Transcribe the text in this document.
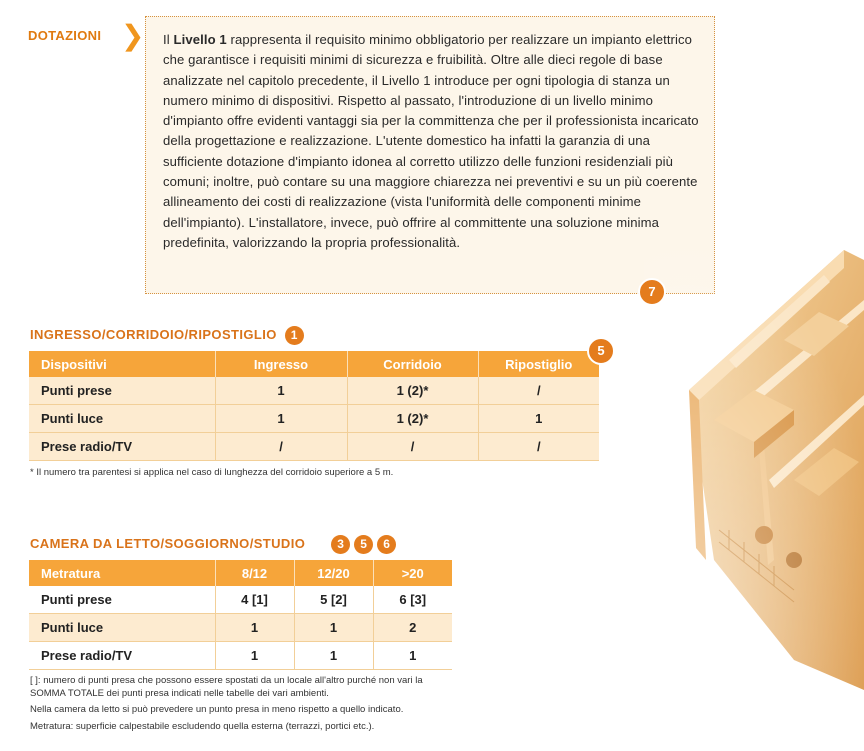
DOTAZIONI ❯ Il Livello 1 rappresenta il requisito minimo obbligatorio per realizzare un impianto elettrico che garantisce i requisiti minimi di sicurezza e fruibilità. Oltre alle dieci regole di base analizzate nel capitolo precedente, il Livello 1 introduce per ogni tipologia di stanza un numero minimo di dispositivi. Rispetto al passato, l'introduzione di un livello minimo d'impianto offre evidenti vantaggi sia per la committenza che per il professionista incaricato della progettazione e realizzazione. L'utente domestico ha infatti la garanzia di una sufficiente dotazione d'impianto idonea al corretto utilizzo delle funzioni residenziali più comuni; inoltre, può contare su una maggiore chiarezza nei preventivi e su un più coerente allineamento dei costi di realizzazione (vista l'uniformità delle componenti minime dell'impianto). L'installatore, invece, può offrire al committente una soluzione minima predefinita, valorizzando la propria professionalità.

INGRESSO/CORRIDOIO/RIPOSTIGLIO 1
Dispositivi	Ingresso	Corridoio	Ripostiglio
Punti prese	1	1 (2)*	/
Punti luce	1	1 (2)*	1
Prese radio/TV	/	/	/

* Il numero tra parentesi si applica nel caso di lunghezza del corridoio superiore a 5 m.

CAMERA DA LETTO/SOGGIORNO/STUDIO	3 5 6
Metratura	8/12	12/20	>20
Punti prese	4 [1]	5 [2]	6 [3]
Punti luce	1	1	2
Prese radio/TV	1	1	1
[ ]: numero di punti presa che possono essere spostati da un locale all'altro purché non vari la
SOMMA TOTALE dei punti presa indicati nelle tabelle dei vari ambienti.
Nella camera da letto si può prevedere un punto presa in meno rispetto a quello indicato.
Metratura: superficie calpestabile escludendo quella esterna (terrazzi, portici etc.).
7
5
